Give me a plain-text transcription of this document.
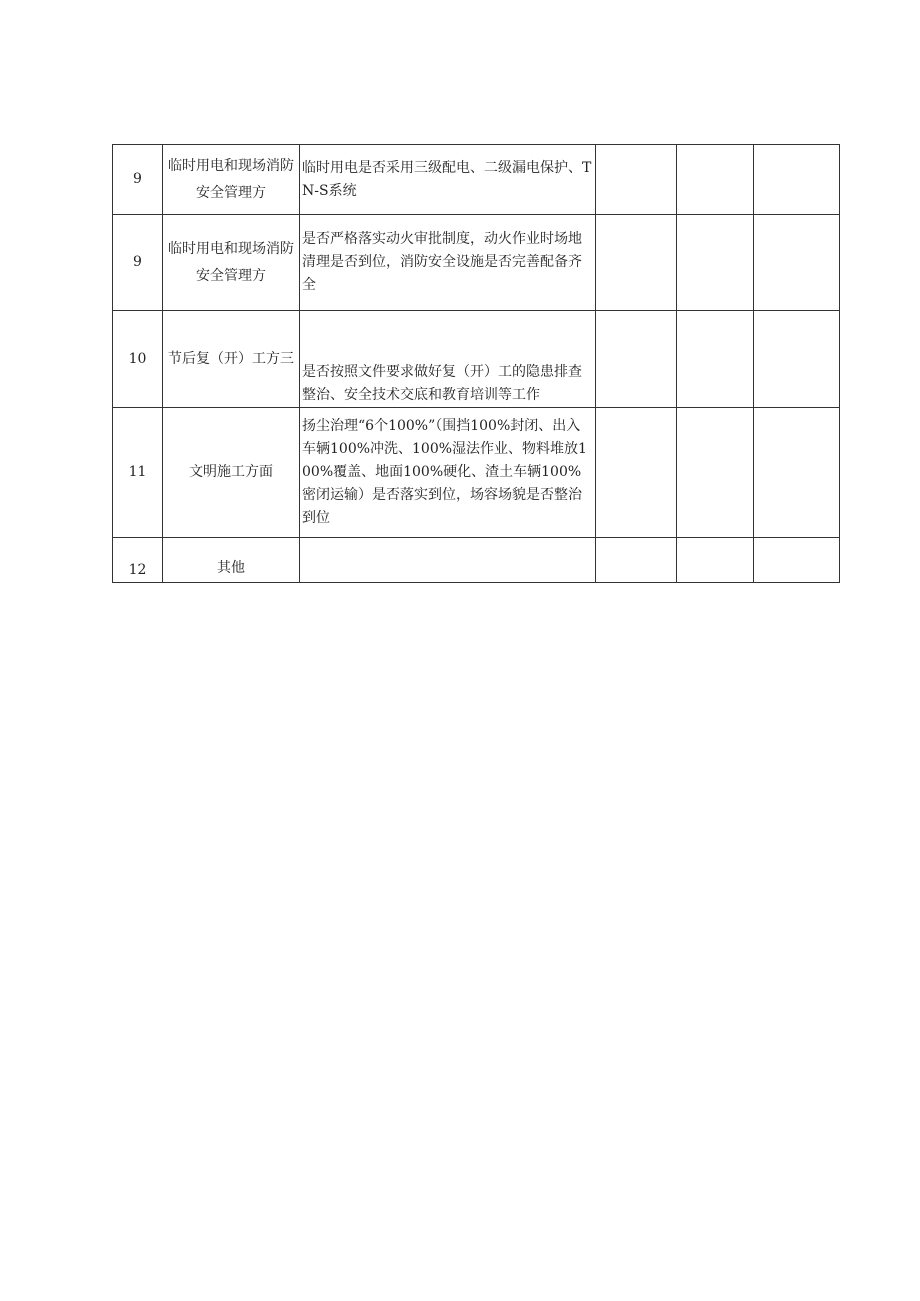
9	临时用电和现场消防安全管理方	临时用电是否采用三级配电、二级漏电保护、TN-S系统			
9	临时用电和现场消防安全管理方	是否严格落实动火审批制度，动火作业时场地清理是否到位，消防安全设施是否完善配备齐全			
10	节后复（开）工方三	是否按照文件要求做好复（开）工的隐患排查整治、安全技术交底和教育培训等工作			
11	文明施工方面	扬尘治理“6个100%”（围挡100%封闭、出入车辆100%冲洗、100%湿法作业、物料堆放100%覆盖、地面100%硬化、渣土车辆100%密闭运输）是否落实到位，场容场貌是否整治到位			
12	其他				
